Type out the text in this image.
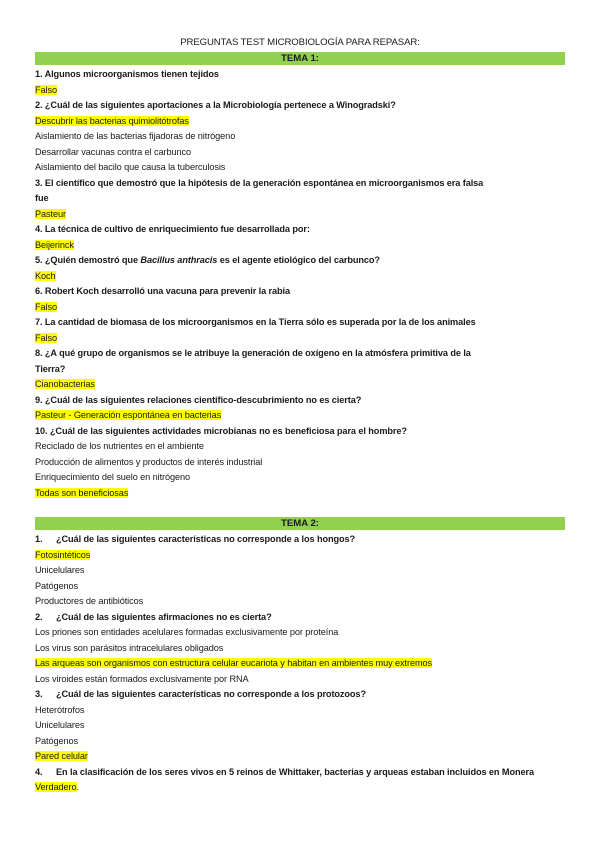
PREGUNTAS TEST MICROBIOLOGÍA PARA REPASAR:
TEMA 1:
1. Algunos microorganismos tienen tejidos
Falso
2. ¿Cuál de las siguientes aportaciones a la Microbiología pertenece a Winogradski?
Descubrir las bacterias quimiolitótrofas
Aislamiento de las bacterias fijadoras de nitrógeno
Desarrollar vacunas contra el carbunco
Aislamiento del bacilo que causa la tuberculosis
3. El científico que demostró que la hipótesis de la generación espontánea en microorganismos era falsa
fue
Pasteur
4. La técnica de cultivo de enriquecimiento fue desarrollada por:
Beijerinck
5. ¿Quién demostró que Bacillus anthracis es el agente etiológico del carbunco?
Koch
6. Robert Koch desarrolló una vacuna para prevenir la rabia
Falso
7. La cantidad de biomasa de los microorganismos en la Tierra sólo es superada por la de los animales
Falso
8. ¿A qué grupo de organismos se le atribuye la generación de oxígeno en la atmósfera primitiva de la
Tierra?
Cianobacterias
9. ¿Cuál de las siguientes relaciones científico-descubrimiento no es cierta?
Pasteur - Generación espontánea en bacterias
10. ¿Cuál de las siguientes actividades microbianas no es beneficiosa para el hombre?
Reciclado de los nutrientes en el ambiente
Producción de alimentos y productos de interés industrial
Enriquecimiento del suelo en nitrógeno
Todas son beneficiosas
TEMA 2:
1. ¿Cuál de las siguientes características no corresponde a los hongos?
Fotosintéticos
Unicelulares
Patógenos
Productores de antibióticos
2. ¿Cuál de las siguientes afirmaciones no es cierta?
Los priones son entidades acelulares formadas exclusivamente por proteína
Los virus son parásitos intracelulares obligados
Las arqueas son organismos con estructura celular eucariota y habitan en ambientes muy extremos
Los viroides están formados exclusivamente por RNA
3. ¿Cuál de las siguientes características no corresponde a los protozoos?
Heterótrofos
Unicelulares
Patógenos
Pared celular
4. En la clasificación de los seres vivos en 5 reinos de Whittaker, bacterias y arqueas estaban incluidos en Monera
Verdadero.
